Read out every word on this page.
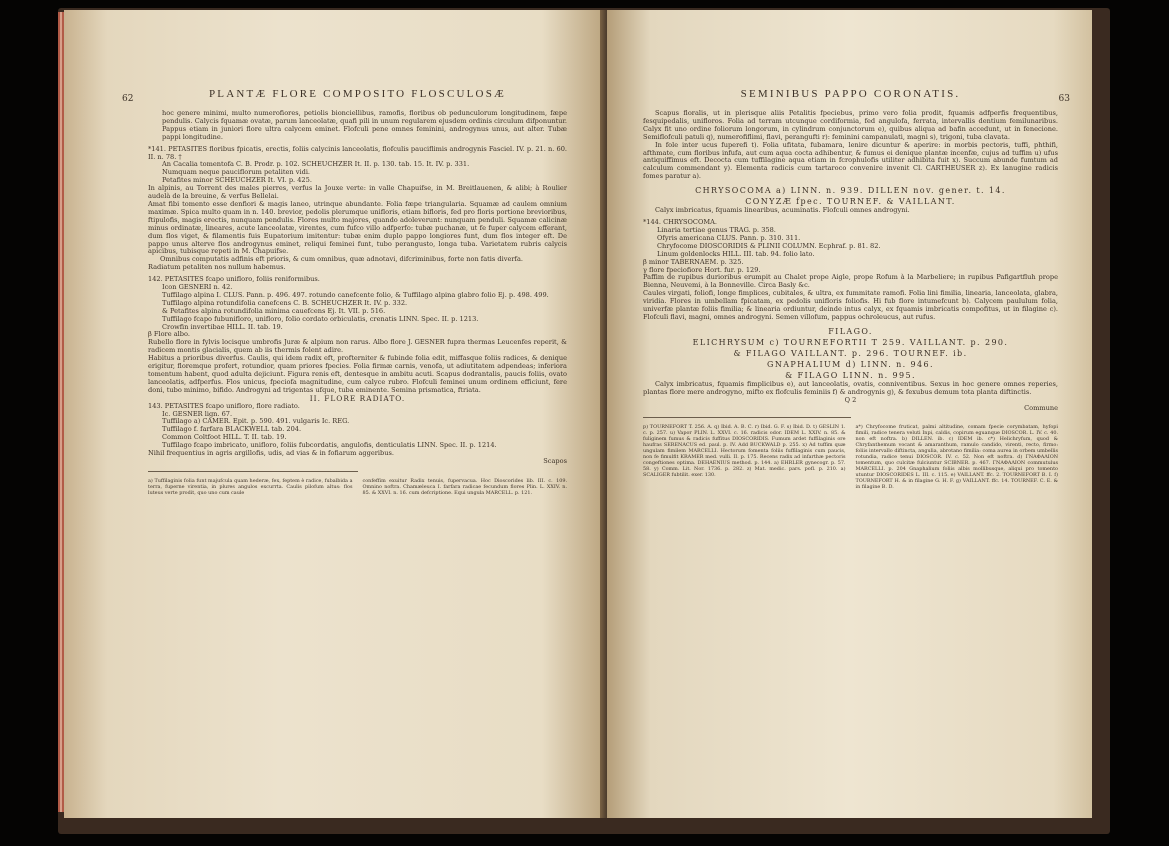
62	PLANTÆ FLORE COMPOSITO FLOSCULOSÆ

hoc genere minimi, multo numerofiores, petiolis bionciellibus, ramofis, floribus ob pedunculorum longitudinem, fæpe pendulis. Calycis fquamæ ovatæ, parum lanceolatæ, quafi pili in unum regularem ejusdem ordinis circulum difponuntur. Pappus etiam in juniori flore ultra calycem eminet. Flofculi pene omnes feminini, androgynus unus, aut alter. Tubæ pappi longitudine.

*141. PETASITES floribus fpicatis, erectis, foliis calycinis lanceolatis, flofculis pauciflimis androgynis Fasciel. IV. p. 21. n. 60. II. n. 78. †

An Cacalia tomentofa C. B. Prodr. p. 102. SCHEUCHZER It. II. p. 130. tab. 15. It. IV. p. 331.

Numquam neque pauciflorum petaliten vidi.

Petafites minor SCHEUCHZER It. VI. p. 425.

In alpinis, au Torrent des males pierres, verfus la Jouxe verte: in valle Chapuifse, in M. Breitlauenen, & alibi; à Roulier audelà de la breuine, & verfus Bellelai.

Amat fibi tomento esse denfiori & magis laneo, utrinque abundante. Folia fæpe triangularia. Squamæ ad caulem omnium maximæ. Spica multo quam in n. 140. brevior, pedolis plerumque unifloris, etiam bifloris, fed pro floris portione brevioribus, ftipulofis, magis erectis, nunquam pendulis. Flores multo majores, quando adoleverunt: nunquam penduli. Squamæ calicinæ minus ordinatæ, lineares, acute lanceolatæ, virentes, cum fufco villo adfperfo: tubæ puchanæ, ut fe fuper calycem efferant, dum flos viget, & filamentis fuis Eupatorium imitentur: tubæ enim duplo pappo longiores funt, dum flos integer eft. De pappo unus alterve flos androgynus eminet, reliqui feminei funt, tubo perangusto, longa tuba. Varietatem rubris calycis apicibus, tubisque repeti in M. Chapuifse.

Omnibus computatis adfinis eft prioris, & cum omnibus, quæ adnotavi, difcriminibus, forte non fatis diverfa.

Radiatum petaliten nos nullum habemus.

142. PETASITES fcapo unifloro, foliis reniformibus.

Icon GESNERI n. 42.

Tuffilago alpina I. CLUS. Pann. p. 496. 497. rotundo canefcente folio, & Tuffilago alpina glabro folio Ej. p. 498. 499.

Tuffilago alpina rotundifolia canefcens C. B. SCHEUCHZER It. IV. p. 332.

& Petafites alpina rotundifolia minima cauefcens Ej. It. VII. p. 516.

Tuffilago fcapo fubunifloro, unifloro, folio cordato orbiculatis, crenatis LINN. Spec. II. p. 1213.

Crowfin invertibae HILL. II. tab. 19.

β Flore albo.

Rubello flore in fylvis locisque umbrofis Juræ & alpium non rarus. Albo flore J. GESNER fupra thermas Leucenfes reperit, & radicem montis glacialis, quem ab iis thermis folent adire.

Habitus a prioribus diverfus. Caulis, qui idem radix eft, profterniter & fubinde folia edit, miffasque foliis radices, & denique erigitur, floremque profert, rotundior, quam priores fpecies. Folia firmæ carnis, venofa, ut adiutitatem adpendeas; inferiora tomentum habent, quod adulta dejiciunt. Figura renis eft, dentesque in ambitu acuti. Scapus dodrantalis, paucis foliis, ovato lanceolatis, adfperfus. Flos unicus, fpeciofa magnitudine, cum calyce rubro. Flofculi feminei unum ordinem efficiunt, fere doni, tubo minimo, bifido. Androgyni ad trigentas ufque, tuba eminente. Semina prismatica, ftriata.

II. FLORE RADIATO.

143. PETASITES fcapo unifloro, flore radiato.

Ic. GESNER lign. 67.

Tuffilago a) CAMER. Epit. p. 590. 491. vulgaris Ic. REG.

Tuffilago f. farfara BLACKWELL tab. 204.

Common Coltfoot HILL. T. II. tab. 19.

Tuffilago fcapo imbricato, unifloro, foliis fubcordatis, angulofis, denticulatis LINN. Spec. II. p. 1214.

Nihil frequentius in agris argillofis, udis, ad vias & in fofiarum aggeribus.

Scapos

a) Tuffilaginis folia funt majufcula quam hederæ, fex, feptem è radice, fubalbida a terra, fuperne virentia, in plures angulos excurrta. Caulis pilofum altus: flos luteus verte prodit, quo uno cum caule
confeffim exuitur Radix tenuis, fupervacua. Hoc Dioscorides lib. III. c. 109. Omnino noftra. Chamæleuca I. farfara radicae fecundum flores Plin. L. XXIV. n. 85. & XXVI. n. 16. cum defcriptione. Equi ungula MARCELL. p. 121.
SEMINIBUS PAPPO CORONATIS.	63

Scapus floralis, ut in plerisque aliis Petalitis fpeciebus, primo vero folia prodit, fquamis adfperfis frequentibus, fesquipedalis, unifloros. Folia ad terram utcunque cordiformia, fed angulofa, ferrata, intervallis dentium femilunaribus. Calyx fit uno ordine foliorum longorum, in cylindrum conjunctorum e), quibus aliqua ad bafin accedunt, ut in fenecione. Semiflofculi patuli q), numerofiflimi, flavi, perangufti r): feminini campanulati, magni s), trigoni, tuba clavata.

In fole inter ucus fuperefi t). Folia ufitata, fubamara, lenire dicuntur & aperire: in morbis pectoris, tuffi, phthifi, afthmate, cum floribus infufa, aut cum aqua cocta adhibentur, & fumus ei denique plantæ incenfæ, cujus ad tuffim u) ufus antiquiffimus eft. Decocta cum tuffilagine aqua etiam in fcrophulofis utiliter adhibita fuit x). Succum abunde fumtum ad calculum commendant y). Elementa radicis cum tartaroco convenire invenit Cl. CARTHEUSER z). Ex lanugine radicis fomes paratur a).

CHRYSOCOMA a) LINN. n. 939. DILLEN nov. gener. t. 14.

CONYZÆ fpec. TOURNEF. & VAILLANT.

Calyx imbricatus, fquamis linearibus, acuminatis. Flofculi omnes androgyni.

*144. CHRYSOCOMA.

Linaria tertiae genus TRAG. p. 358.

Ofyris americana CLUS. Pann. p. 310. 311.

Chryfocome DIOSCORIDIS & PLINII COLUMN. Ecphraf. p. 81. 82.

Linum goldenlocks HILL. III. tab. 94. folio lato.

β minor TABERNAEM. p. 325.

γ flore fpeciofiore Hort. fur. p. 129.

Paffim de rupibus durioribus erumpit au Chalet prope Aigle, prope Rofum à la Marbeliere; in rupibus Pafigartfluh prope Bienna, Neuvemi, à la Bonneville. Circa Basly &c.

Caules virgati, foliofi, longe fimplices, cubitales, & ultra, ex fummitate ramofi. Folia lini fimilia, linearia, lanceolata, glabra, viridia. Flores in umbellam fpicatam, ex pedolis unifloris foliofis. Hi fub flore intumefcunt b). Calycem paululum folia, univerfæ plantæ foliis fimilia; & linearia ordiuntur, deinde intus calyx, ex fquamis imbricatis compofitus, ut in filagine c). Flofculi flavi, magni, omnes androgyni. Semen villofum, pappus ochroleucus, aut rufus.

FILAGO.

ELICHRYSUM c) TOURNEFORTII T 259. VAILLANT. p. 290.

& FILAGO VAILLANT. p. 296. TOURNEF. ib.

GNAPHALIUM d) LINN. n. 946.

& FILAGO LINN. n. 995.

Calyx imbricatus, fquamis fimplicibus e), aut lanceolatis, ovatis, conniventibus. Sexus in hoc genere omnes reperies, plantas flore mere androgyno, mifto ex flofculis feminiis f) & androgynis g), & fexubus demum tota planta diftinctis.

Q 2

Commune

p) TOURNEFORT T. 256. A. q) Ibid. A. B. C. r) Ibid. G. F. s) Ibid. D. t) GESLIN 1. c. p. 257. u) Vapor PLIN. L. XXVI. c. 16. radicis odor. IDEM L. XXIV. n. 85. & fuliginem fumus & radicis fuffitus DIOSCORIDIS. Fumum ardet fuffilaginis ore haufras SERENACUS ed. paul. p. IV. Add BUCKWALD p. 255. x) Ad tuffim quæ ungulam fimilem MARCELLI. Hectorum fomenta foliis fuffilaginis cum paucis, non fe fimulfit KRAMER med. vulli. II. p. 175. Recens radix ad infarthæ pectoris congeftiones optima. DEHAENIUS method. p. 144. a) EHRLER gynecogr. p. 57. 58. y) Comm. Lit. Nor. 1736. p. 282. z) Mat. medic. pars. pofl. p. 210. a) SCALIGER fubtilit. exer. 130.
a*) Chryfocome fruticat, palmi altitudine, comam fpecie corymbatam, hyfopi fimili, radice tenera veluti Inpi, caldis, copirum eguanque DIOSCOR. L. IV. c. 40. non eft noftra. b) DILLEN. ib. c) IDEM ib. c*) Helichryfum, quod & Chryfanthemum vocant & amaranthum, ramulo candido, virenti, recto, firmo: foliis intervallo diftincta, angulia, abrotano fimilia: coma aurea in orbem umbellis rotundia, radice tenui DIOSCOR. IV. c. 52. Non eft noftra. d) ΓΝΑΦΑΛΙΟΝ tomentum, quo culcitæ fulciuntur SCIBNER. p. 467. ΓΝΑΦΑΛΙΟΝ commutulus MARCELLI. p. 204 Gnaphalium foliis albis mollibusque, aliqui pro tomento utuntur DIOSCORIDES L. III. c. 115. e) VAILLANT. ffc. 2. TOURNEFORT B. I. f) TOURNEFORT H. & in filagine G. H. F. g) VAILLANT. ffc. 14. TOURNEF. C. E. & in filagine B. D.
